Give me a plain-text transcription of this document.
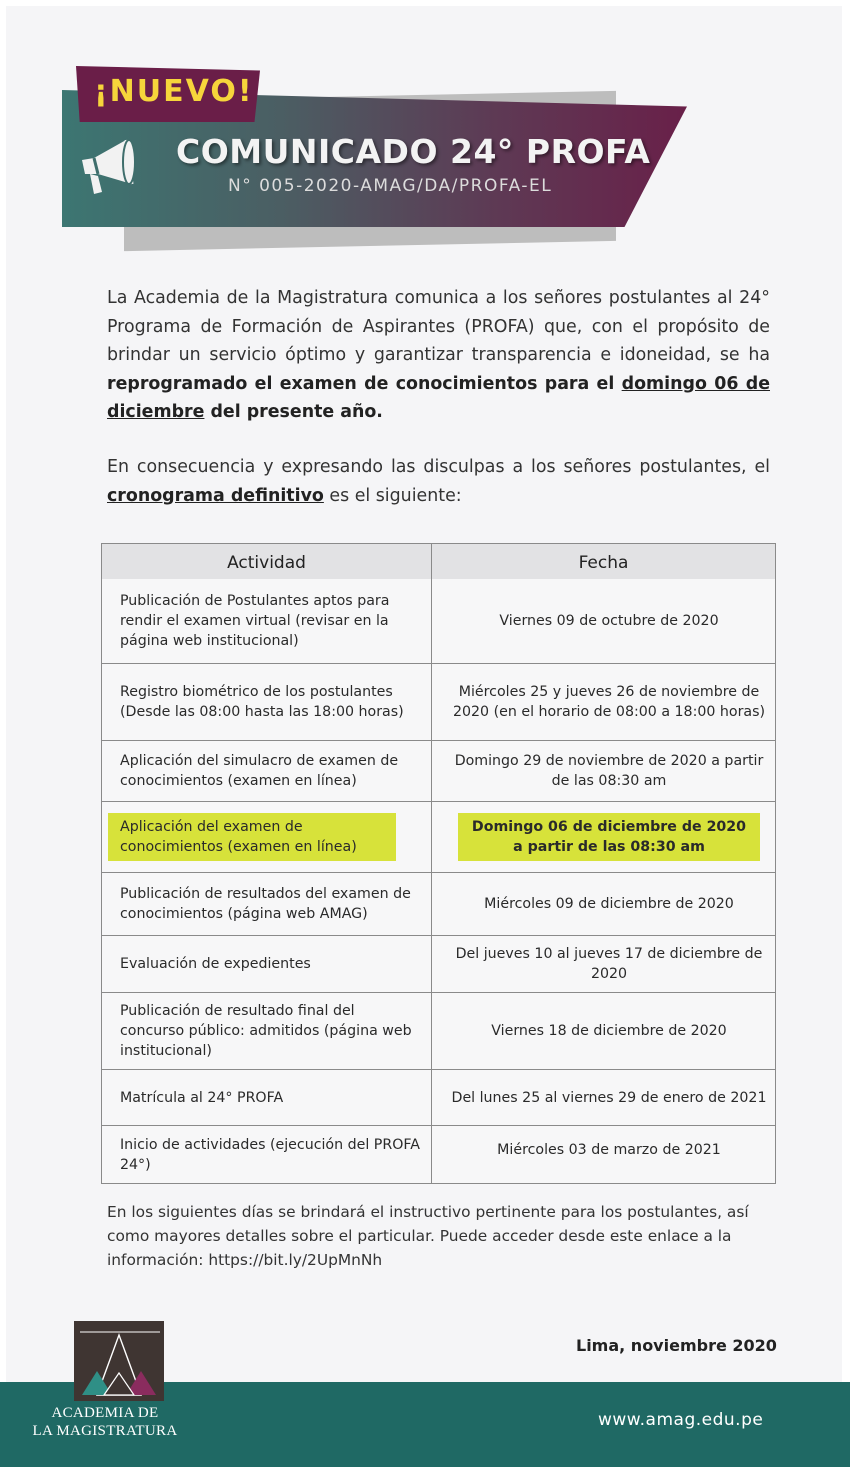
¡NUEVO!
COMUNICADO 24° PROFA
N° 005-2020-AMAG/DA/PROFA-EL
La Academia de la Magistratura comunica a los señores postulantes al 24° Programa de Formación de Aspirantes (PROFA) que, con el propósito de brindar un servicio óptimo y garantizar transparencia e idoneidad, se ha reprogramado el examen de conocimientos para el domingo 06 de diciembre del presente año.
En consecuencia y expresando las disculpas a los señores postulantes, el cronograma definitivo es el siguiente:
Actividad	Fecha
Publicación de Postulantes aptos para rendir el examen virtual (revisar en la página web institucional)
Viernes 09 de octubre de 2020
Registro biométrico de los postulantes (Desde las 08:00 hasta las 18:00 horas)
Miércoles 25 y jueves 26 de noviembre de 2020 (en el horario de 08:00 a 18:00 horas)
Aplicación del simulacro de examen de conocimientos (examen en línea)
Domingo 29 de noviembre de 2020 a partir de las 08:30 am
Aplicación del examen de conocimientos (examen en línea)
Domingo 06 de diciembre de 2020 a partir de las 08:30 am
Publicación de resultados del examen de conocimientos (página web AMAG)
Miércoles 09 de diciembre de 2020
Evaluación de expedientes
Del jueves 10 al jueves 17 de diciembre de 2020
Publicación de resultado final del concurso público: admitidos (página web institucional)
Viernes 18 de diciembre de 2020
Matrícula al 24° PROFA	Del lunes 25 al viernes 29 de enero de 2021
Inicio de actividades (ejecución del PROFA 24°)
Miércoles 03 de marzo de 2021
En los siguientes días se brindará el instructivo pertinente para los postulantes, así como mayores detalles sobre el particular. Puede acceder desde este enlace a la información: https://bit.ly/2UpMnNh
Lima, noviembre 2020
ACADEMIA DE
LA MAGISTRATURA
www.amag.edu.pe
